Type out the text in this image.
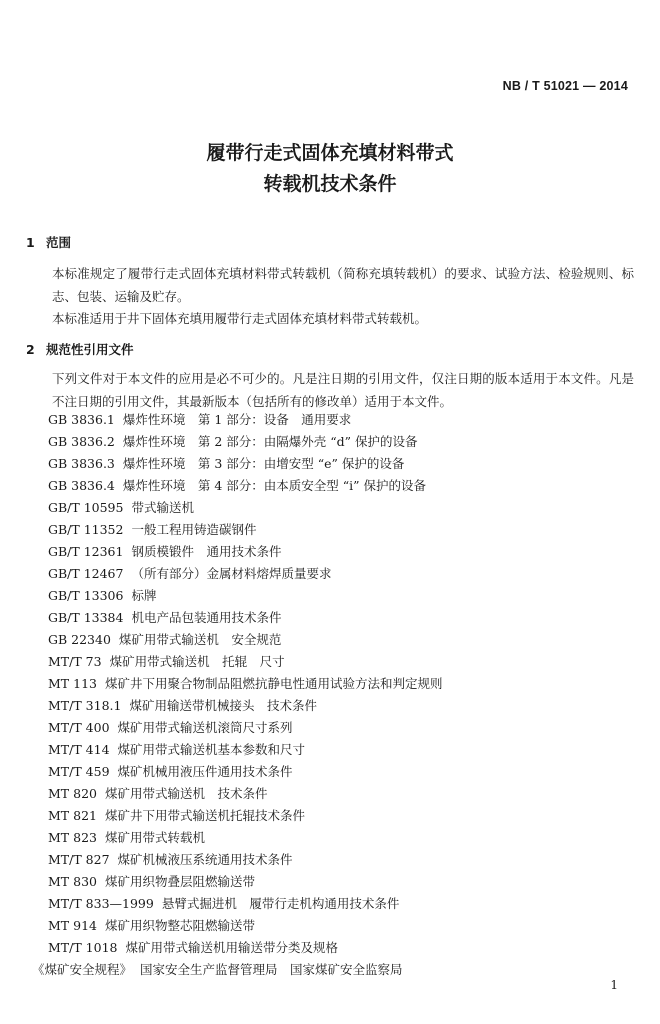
NB / T 51021 — 2014
履带行走式固体充填材料带式
转载机技术条件
1 范围
本标准规定了履带行走式固体充填材料带式转载机（简称充填转载机）的要求、试验方法、检验规则、标志、包装、运输及贮存。
本标准适用于井下固体充填用履带行走式固体充填材料带式转载机。
2 规范性引用文件
下列文件对于本文件的应用是必不可少的。凡是注日期的引用文件，仅注日期的版本适用于本文件。凡是不注日期的引用文件，其最新版本（包括所有的修改单）适用于本文件。
GB 3836.1 爆炸性环境　第 1 部分：设备　通用要求
GB 3836.2 爆炸性环境　第 2 部分：由隔爆外壳 “d” 保护的设备
GB 3836.3 爆炸性环境　第 3 部分：由增安型 “e” 保护的设备
GB 3836.4 爆炸性环境　第 4 部分：由本质安全型 “i” 保护的设备
GB/T 10595 带式输送机
GB/T 11352 一般工程用铸造碳钢件
GB/T 12361 钢质模锻件　通用技术条件
GB/T 12467 （所有部分）金属材料熔焊质量要求
GB/T 13306 标牌
GB/T 13384 机电产品包装通用技术条件
GB 22340 煤矿用带式输送机　安全规范
MT/T 73 煤矿用带式输送机　托辊　尺寸
MT 113 煤矿井下用聚合物制品阻燃抗静电性通用试验方法和判定规则
MT/T 318.1 煤矿用输送带机械接头　技术条件
MT/T 400 煤矿用带式输送机滚筒尺寸系列
MT/T 414 煤矿用带式输送机基本参数和尺寸
MT/T 459 煤矿机械用液压件通用技术条件
MT 820 煤矿用带式输送机　技术条件
MT 821 煤矿井下用带式输送机托辊技术条件
MT 823 煤矿用带式转载机
MT/T 827 煤矿机械液压系统通用技术条件
MT 830 煤矿用织物叠层阻燃输送带
MT/T 833—1999 悬臂式掘进机　履带行走机构通用技术条件
MT 914 煤矿用织物整芯阻燃输送带
MT/T 1018 煤矿用带式输送机用输送带分类及规格
《煤矿安全规程》 国家安全生产监督管理局　国家煤矿安全监察局
1
